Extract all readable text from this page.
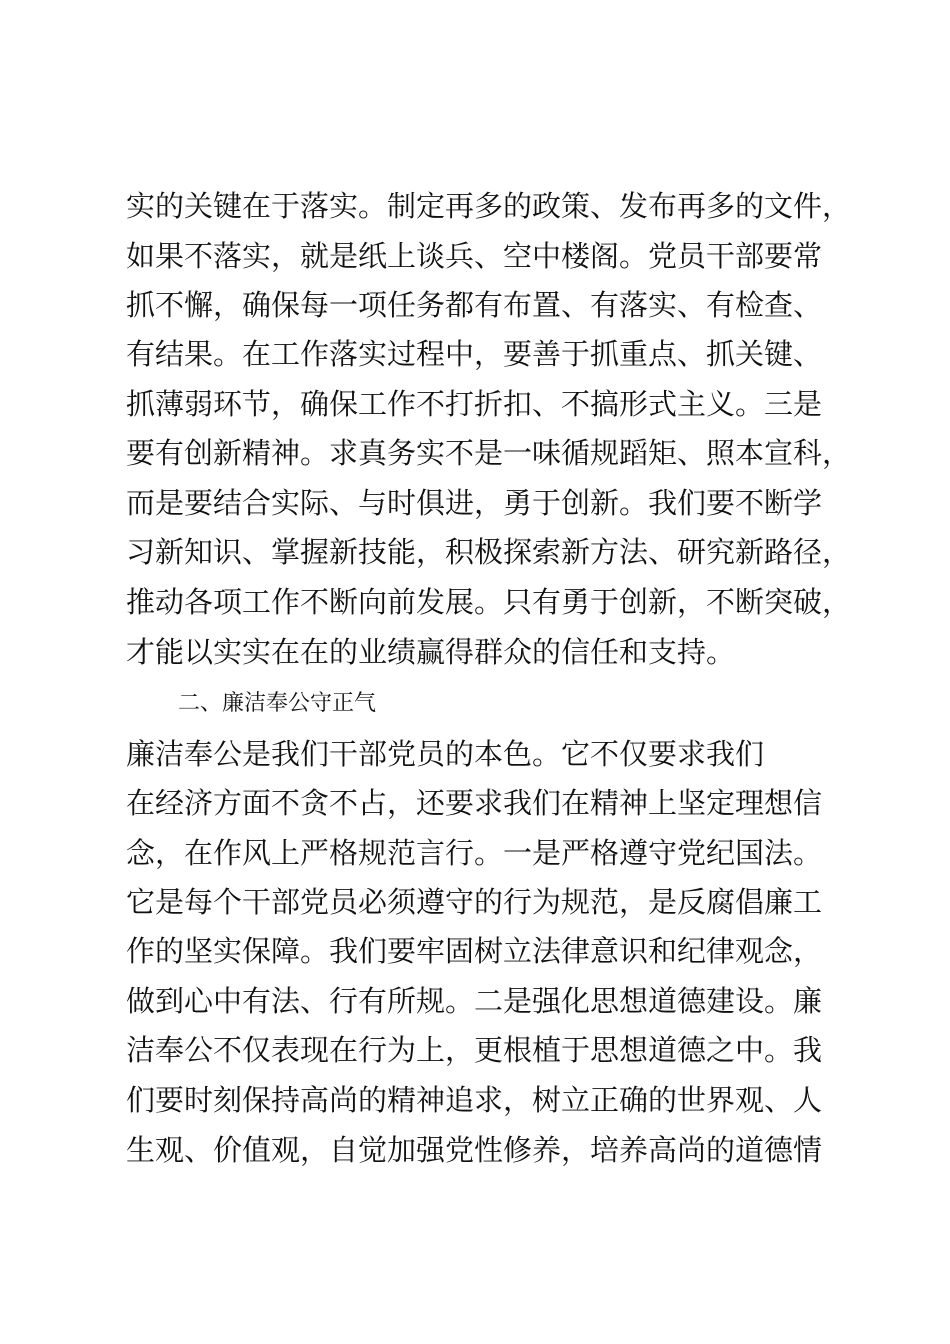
实的关键在于落实。制定再多的政策、发布再多的文件，
如果不落实，就是纸上谈兵、空中楼阁。党员干部要常
抓不懈，确保每一项任务都有布置、有落实、有检查、
有结果。在工作落实过程中，要善于抓重点、抓关键、
抓薄弱环节，确保工作不打折扣、不搞形式主义。三是
要有创新精神。求真务实不是一味循规蹈矩、照本宣科，
而是要结合实际、与时俱进，勇于创新。我们要不断学
习新知识、掌握新技能，积极探索新方法、研究新路径，
推动各项工作不断向前发展。只有勇于创新，不断突破，
才能以实实在在的业绩赢得群众的信任和支持。
二、廉洁奉公守正气
廉洁奉公是我们干部党员的本色。它不仅要求我们
在经济方面不贪不占，还要求我们在精神上坚定理想信
念，在作风上严格规范言行。一是严格遵守党纪国法。
它是每个干部党员必须遵守的行为规范，是反腐倡廉工
作的坚实保障。我们要牢固树立法律意识和纪律观念，
做到心中有法、行有所规。二是强化思想道德建设。廉
洁奉公不仅表现在行为上，更根植于思想道德之中。我
们要时刻保持高尚的精神追求，树立正确的世界观、人
生观、价值观，自觉加强党性修养，培养高尚的道德情
